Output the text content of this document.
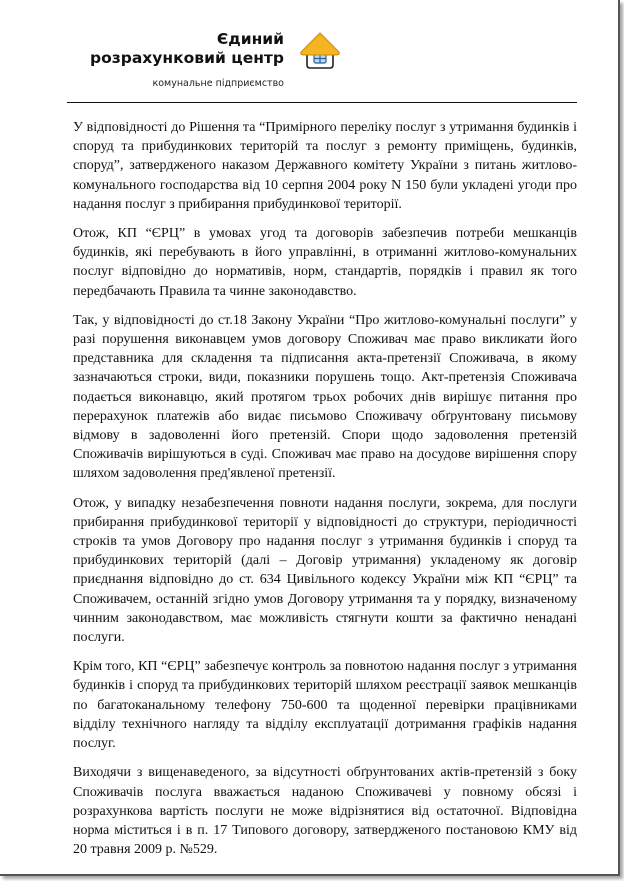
Єдиний
розрахунковий центр
комунальне підприємство

У відповідності до Рішення та “Примірного переліку послуг з утримання будинків і споруд та прибудинкових територій та послуг з ремонту приміщень, будинків, споруд”, затвердженого наказом Державного комітету України з питань житлово-комунального господарства від 10 серпня 2004 року N 150 були укладені угоди про надання послуг з прибирання прибудинкової території.

Отож, КП “ЄРЦ” в умовах угод та договорів забезпечив потреби мешканців будинків, які перебувають в його управлінні, в отриманні житлово-комунальних послуг відповідно до нормативів, норм, стандартів, порядків і правил як того передбачають Правила та чинне законодавство.

Так, у відповідності до ст.18 Закону України “Про житлово-комунальні послуги” у разі порушення виконавцем умов договору Споживач має право викликати його представника для складення та підписання акта-претензії Споживача, в якому зазначаються строки, види, показники порушень тощо. Акт-претензія Споживача подається виконавцю, який протягом трьох робочих днів вирішує питання про перерахунок платежів або видає письмово Споживачу обґрунтовану письмову відмову в задоволенні його претензій. Спори щодо задоволення претензій Споживачів вирішуються в суді. Споживач має право на досудове вирішення спору шляхом задоволення пред'явленої претензії.

Отож, у випадку незабезпечення повноти надання послуги, зокрема, для послуги прибирання прибудинкової території у відповідності до структури, періодичності строків та умов Договору про надання послуг з утримання будинків і споруд та прибудинкових територій (далі – Договір утримання) укладеному як договір приєднання відповідно до ст. 634 Цивільного кодексу України між КП “ЄРЦ” та Споживачем, останній згідно умов Договору утримання та у порядку, визначеному чинним законодавством, має можливість стягнути кошти за фактично ненадані послуги.

Крім того, КП “ЄРЦ” забезпечує контроль за повнотою надання послуг з утримання будинків і споруд та прибудинкових територій шляхом реєстрації заявок мешканців по багатоканальному телефону 750-600 та щоденної перевірки працівниками відділу технічного нагляду та відділу експлуатації дотримання графіків надання послуг.

Виходячи з вищенаведеного, за відсутності обґрунтованих актів-претензій з боку Споживачів послуга вважається наданою Споживачеві у повному обсязі і розрахункова вартість послуги не може відрізнятися від остаточної. Відповідна норма міститься і в п. 17 Типового договору, затвердженого постановою КМУ від 20 травня 2009 р. №529.
